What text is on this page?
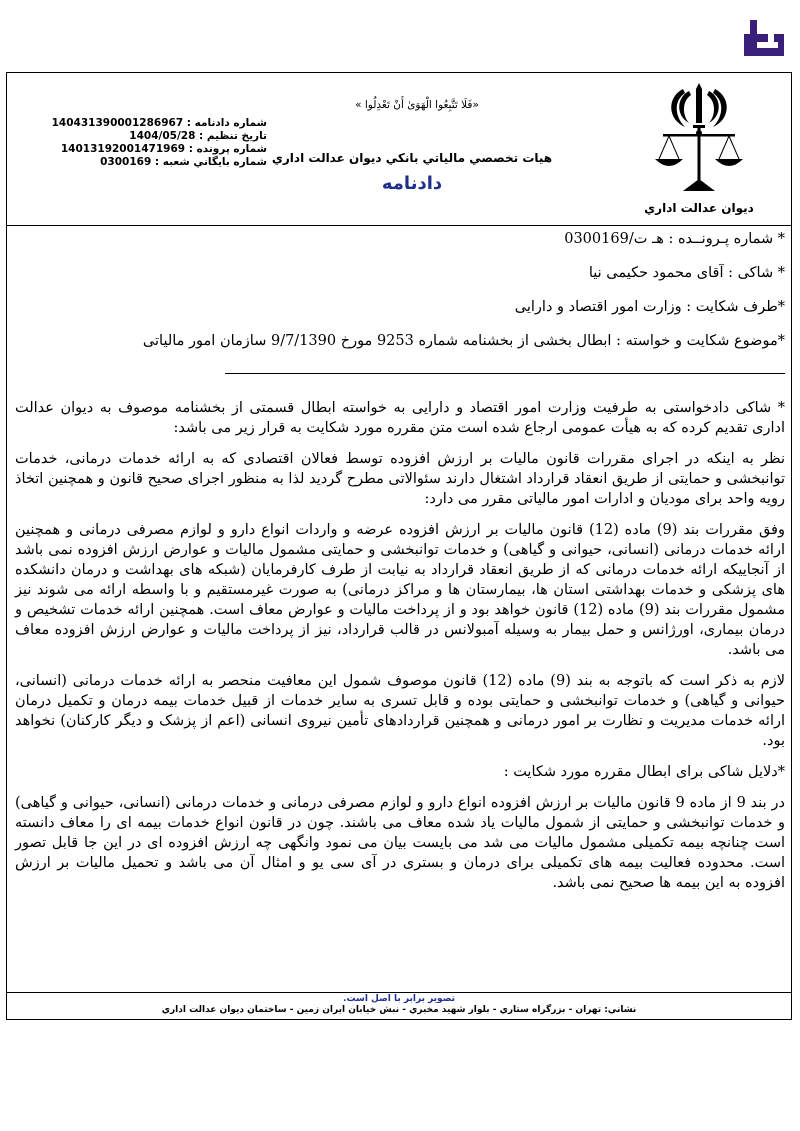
ديوان عدالت اداري
«فَلَا تَتَّبِعُوا الْهَوَىٰ أَنْ تَعْدِلُوا »
هيات تخصصي مالياتي بانكي ديوان عدالت اداري
دادنامه
شماره دادنامه : 140431390001286967
تاريخ تنظيم : 1404/05/28
شماره پرونده : 14013192001471969
شماره بايگاني شعبه : 0300169
* شماره پـرونــده : هـ ت/0300169
* شاکی : آقای محمود حکیمی نیا
*طرف شکایت : وزارت امور اقتصاد و دارایی
*موضوع شکایت و خواسته : ابطال بخشی از بخشنامه شماره 9253 مورخ 9/7/1390 سازمان امور مالیاتی

* شاکی دادخواستی به طرفیت وزارت امور اقتصاد و دارایی به خواسته ابطال قسمتی از بخشنامه موصوف به دیوان عدالت اداری تقدیم کرده که به هیأت عمومی ارجاع شده است متن مقرره مورد شکایت به قرار زیر می باشد:

نظر به اینکه در اجرای مقررات قانون مالیات بر ارزش افزوده توسط فعالان اقتصادی که به ارائه خدمات درمانی، خدمات توانبخشی و حمایتی از طریق انعقاد قرارداد اشتغال دارند سئوالاتی مطرح گردید لذا به منظور اجرای صحیح قانون و همچنین اتخاذ رویه واحد برای مودیان و ادارات امور مالیاتی مقرر می دارد:

وفق مقررات بند (9) ماده (12) قانون مالیات بر ارزش افزوده عرضه و واردات انواع دارو و لوازم مصرفی درمانی و همچنین ارائه خدمات درمانی (انسانی، حیوانی و گیاهی) و خدمات توانبخشی و حمایتی مشمول مالیات و عوارض ارزش افزوده نمی باشد از آنجاییکه ارائه خدمات درمانی که از طریق انعقاد قرارداد به نیابت از طرف کارفرمایان (شبکه های بهداشت و درمان دانشکده های پزشکی و خدمات بهداشتی استان ها، بیمارستان ها و مراکز درمانی) به صورت غیرمستقیم و با واسطه ارائه می شوند نیز مشمول مقررات بند (9) ماده (12) قانون خواهد بود و از پرداخت مالیات و عوارض معاف است. همچنین ارائه خدمات تشخیص و درمان بیماری، اورژانس و حمل بیمار به وسیله آمبولانس در قالب قرارداد، نیز از پرداخت مالیات و عوارض ارزش افزوده معاف می باشد.

لازم به ذکر است که باتوجه به بند (9) ماده (12) قانون موصوف شمول این معافیت منحصر به ارائه خدمات درمانی (انسانی، حیوانی و گیاهی) و خدمات توانبخشی و حمایتی بوده و قابل تسری به سایر خدمات از قبیل خدمات بیمه درمان و تکمیل درمان ارائه خدمات مدیریت و نظارت بر امور درمانی و همچنین قراردادهای تأمین نیروی انسانی (اعم از پزشک و دیگر کارکنان) نخواهد بود.

*دلایل شاکی برای ابطال مقرره مورد شکایت :

در بند 9 از ماده 9 قانون مالیات بر ارزش افزوده انواع دارو و لوازم مصرفی درمانی و خدمات درمانی (انسانی، حیوانی و گیاهی) و خدمات توانبخشی و حمایتی از شمول مالیات یاد شده معاف می باشند. چون در قانون انواع خدمات بیمه ای را معاف دانسته است چنانچه بیمه تکمیلی مشمول مالیات می شد می بایست بیان می نمود وانگهی چه ارزش افزوده ای در این جا قابل تصور است. محدوده فعالیت بیمه های تکمیلی برای درمان و بستری در آی سی یو و امثال آن می باشد و تحمیل مالیات بر ارزش افزوده به این بیمه ها صحیح نمی باشد.

تصوير برابر با اصل است.
نشاني: تهران - بزرگراه ستاري - بلوار شهيد مخبري - نبش خيابان ايران زمين - ساختمان ديوان عدالت اداري
